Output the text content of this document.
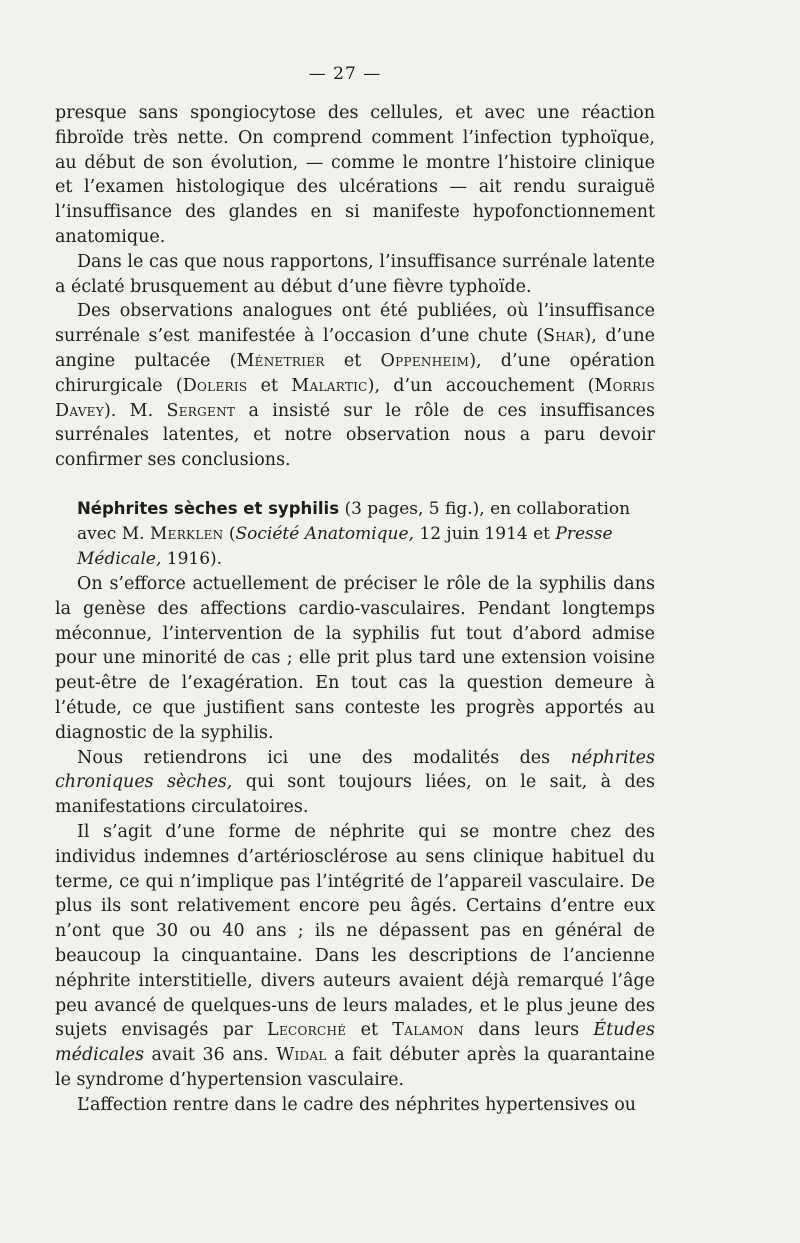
— 27 —

presque sans spongiocytose des cellules, et avec une réaction fibroïde très nette. On comprend comment l’infection typhoïque, au début de son évolution, — comme le montre l’histoire clinique et l’examen histologique des ulcérations — ait rendu suraiguë l’insuffisance des glandes en si manifeste hypofonctionnement anatomique.

Dans le cas que nous rapportons, l’insuffisance surrénale latente a éclaté brusquement au début d’une fièvre typhoïde.

Des observations analogues ont été publiées, où l’insuffisance surrénale s’est manifestée à l’occasion d’une chute (Shar), d’une angine pultacée (Ménetrier et Oppenheim), d’une opération chirurgicale (Doleris et Malartic), d’un accouchement (Morris Davey). M. Sergent a insisté sur le rôle de ces insuffisances surrénales latentes, et notre observation nous a paru devoir confirmer ses conclusions.

Néphrites sèches et syphilis (3 pages, 5 fig.), en collaboration avec M. Merklen (Société Anatomique, 12 juin 1914 et Presse Médicale, 1916).

On s’efforce actuellement de préciser le rôle de la syphilis dans la genèse des affections cardio-vasculaires. Pendant longtemps méconnue, l’intervention de la syphilis fut tout d’abord admise pour une minorité de cas ; elle prit plus tard une extension voisine peut-être de l’exagération. En tout cas la question demeure à l’étude, ce que justifient sans conteste les progrès apportés au diagnostic de la syphilis.

Nous retiendrons ici une des modalités des néphrites chroniques sèches, qui sont toujours liées, on le sait, à des manifestations circulatoires.

Il s’agit d’une forme de néphrite qui se montre chez des individus indemnes d’artériosclérose au sens clinique habituel du terme, ce qui n’implique pas l’intégrité de l’appareil vasculaire. De plus ils sont relativement encore peu âgés. Certains d’entre eux n’ont que 30 ou 40 ans ; ils ne dépassent pas en général de beaucoup la cinquantaine. Dans les descriptions de l’ancienne néphrite interstitielle, divers auteurs avaient déjà remarqué l’âge peu avancé de quelques-uns de leurs malades, et le plus jeune des sujets envisagés par Lecorché et Talamon dans leurs Études médicales avait 36 ans. Widal a fait débuter après la quarantaine le syndrome d’hypertension vasculaire.

L’affection rentre dans le cadre des néphrites hypertensives ou
